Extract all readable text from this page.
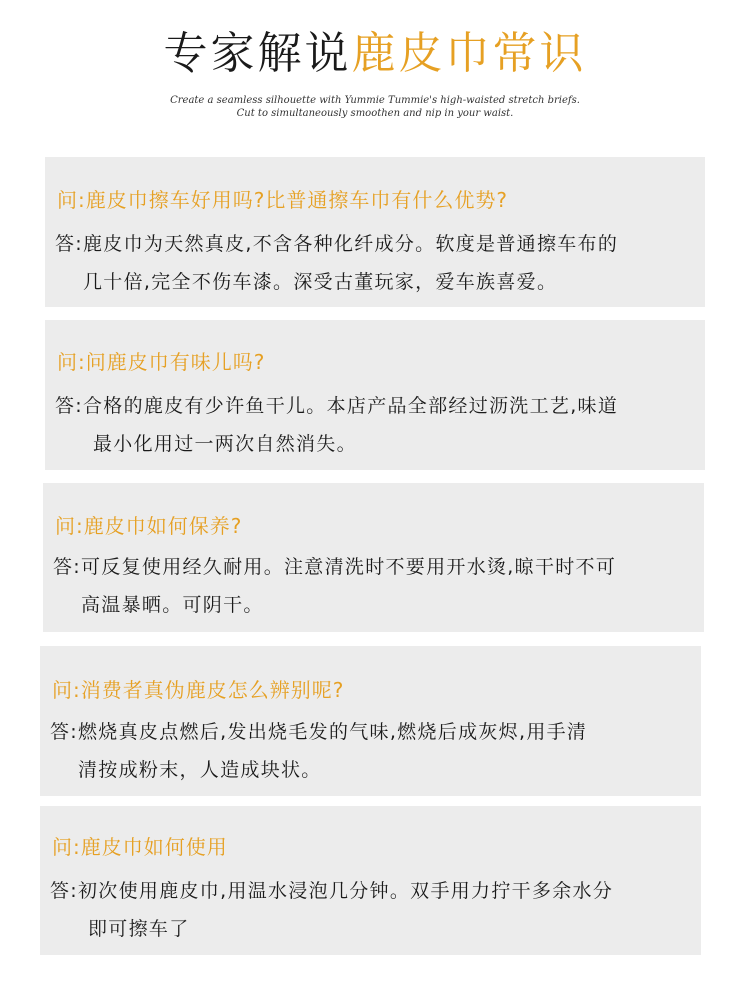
专家解说鹿皮巾常识
Create a seamless silhouette with Yummie Tummie's high-waisted stretch briefs.
Cut to simultaneously smoothen and nip in your waist.
问:鹿皮巾擦车好用吗?比普通擦车巾有什么优势?
答:鹿皮巾为天然真皮,不含各种化纤成分。软度是普通擦车布的
几十倍,完全不伤车漆。深受古董玩家，爱车族喜爱。
问:问鹿皮巾有味儿吗?
答:合格的鹿皮有少许鱼干儿。本店产品全部经过沥洗工艺,味道
最小化用过一两次自然消失。
问:鹿皮巾如何保养?
答:可反复使用经久耐用。注意清洗时不要用开水烫,晾干时不可
高温暴晒。可阴干。
问:消费者真伪鹿皮怎么辨别呢?
答:燃烧真皮点燃后,发出烧毛发的气味,燃烧后成灰烬,用手清
清按成粉末，人造成块状。
问:鹿皮巾如何使用
答:初次使用鹿皮巾,用温水浸泡几分钟。双手用力拧干多余水分
即可擦车了
